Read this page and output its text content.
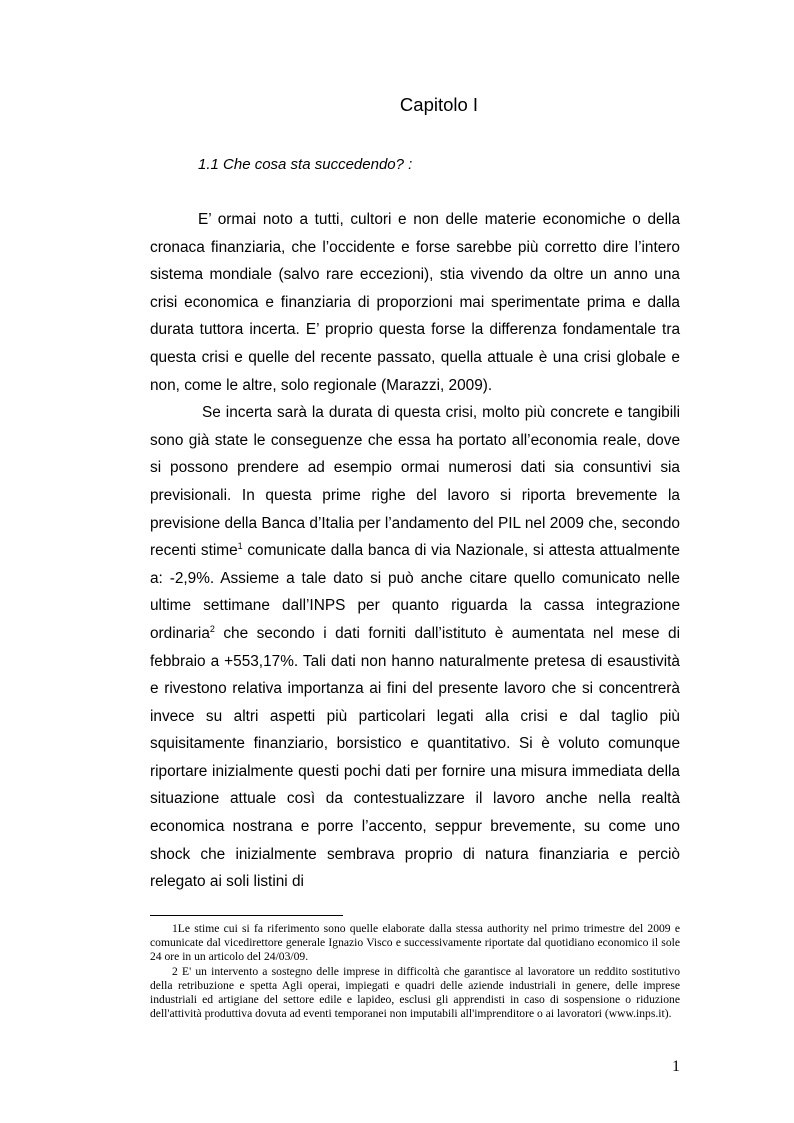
Capitolo I
1.1 Che cosa sta succedendo? :

E’ ormai noto a tutti, cultori e non delle materie economiche o della cronaca finanziaria, che l’occidente e forse sarebbe più corretto dire l’intero sistema mondiale (salvo rare eccezioni), stia vivendo da oltre un anno una crisi economica e finanziaria di proporzioni mai sperimentate prima e dalla durata tuttora incerta. E’ proprio questa forse la differenza fondamentale tra questa crisi e quelle del recente passato, quella attuale è una crisi globale e non, come le altre, solo regionale (Marazzi, 2009).

Se incerta sarà la durata di questa crisi, molto più concrete e tangibili sono già state le conseguenze che essa ha portato all’economia reale, dove si possono prendere ad esempio ormai numerosi dati sia consuntivi sia previsionali. In questa prime righe del lavoro si riporta brevemente la previsione della Banca d’Italia per l’andamento del PIL nel 2009 che, secondo recenti stime$^1$ comunicate dalla banca di via Nazionale, si attesta attualmente a: -2,9%. Assieme a tale dato si può anche citare quello comunicato nelle ultime settimane dall’INPS per quanto riguarda la cassa integrazione ordinaria$^2$ che secondo i dati forniti dall’istituto è aumentata nel mese di febbraio a +553,17%. Tali dati non hanno naturalmente pretesa di esaustività e rivestono relativa importanza ai fini del presente lavoro che si concentrerà invece su altri aspetti più particolari legati alla crisi e dal taglio più squisitamente finanziario, borsistico e quantitativo. Si è voluto comunque riportare inizialmente questi pochi dati per fornire una misura immediata della situazione attuale così da contestualizzare il lavoro anche nella realtà economica nostrana e porre l’accento, seppur brevemente, su come uno shock che inizialmente sembrava proprio di natura finanziaria e perciò relegato ai soli listini di

1Le stime cui si fa riferimento sono quelle elaborate dalla stessa authority nel primo trimestre del 2009 e comunicate dal vicedirettore generale Ignazio Visco e successivamente riportate dal quotidiano economico il sole 24 ore in un articolo del 24/03/09.

2 E' un intervento a sostegno delle imprese in difficoltà che garantisce al lavoratore un reddito sostitutivo della retribuzione e spetta Agli operai, impiegati e quadri delle aziende industriali in genere, delle imprese industriali ed artigiane del settore edile e lapideo, esclusi gli apprendisti in caso di sospensione o riduzione dell'attività produttiva dovuta ad eventi temporanei non imputabili all'imprenditore o ai lavoratori (www.inps.it).

1
